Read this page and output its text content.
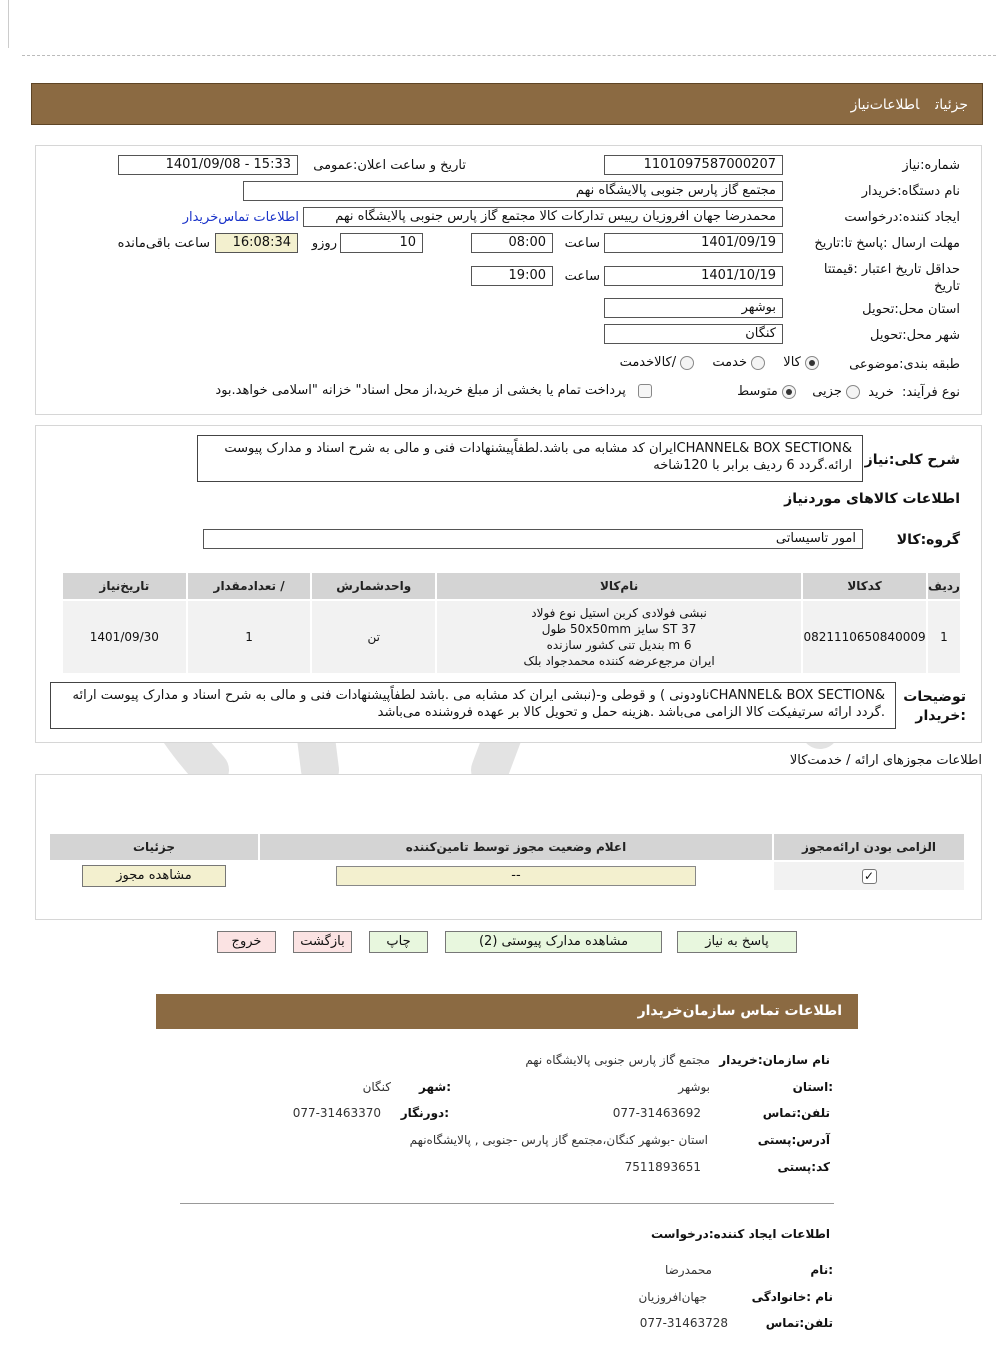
جزئیاتاطلاعات‌نیاز
شماره:نیاز
1101097587000207
تاریخ و ساعت اعلان:عمومی
1401/09/08 - 15:33
نام دستگاه:خریدار
مجتمع گاز پارس جنوبی پالایشگاه نهم
ایجاد کننده:درخواست
محمدرضا جهان افروزیان رییس تدارکات کالا مجتمع گاز پارس جنوبی پالایشگاه نهم
اطلاعات تماس‌خریدار
مهلت ارسال :پاسخ تا:تاریخ
1401/09/19
ساعت
08:00
10
روزو
16:08:34
ساعت باقی‌مانده
حداقل تاریخ اعتبار :قیمتتا تاریخ
1401/10/19
ساعت
19:00
استان محل:تحویل
بوشهر
شهر محل:تحویل
کنگان
طبقه بندی:موضوعی
کالا  خدمت  /کالاخدمت
نوع فرآیند: خرید
جزیی  متوسط
پرداخت تمام یا بخشی از مبلغ خرید،از محل اسناد" خزانه "اسلامی خواهد.بود
شرح کلی:نیاز
&CHANNEL& BOX SECTIONایران کد مشابه می باشد.لطفاًپیشنهادات فنی و مالی به شرح اسناد و مدارک پیوست ارائه.گردد 6 ردیف برابر با 120شاخه
اطلاعات کالاهای موردنیاز
گروه:کالا
امور تاسیساتی
ردیف	کدکالا	نام‌کالا	واحدشمارش	/ تعدادمقدار	تاریخ‌نیاز
1	0821110650840009	نبشی فولادی کربن استیل نوع فولاد
ST 37 سایز 50x50mm طول
6 m بندیل تنی کشور سازنده
ایران مرجع‌عرضه کننده محمدجواد بلک	تن	1	1401/09/30
توضیحات :خریدار
&CHANNEL& BOX SECTIONناودونی ) و قوطی و-(نبشی ایران کد مشابه می .باشد لطفاًپیشنهادات فنی و مالی به شرح اسناد و مدارک پیوست ارائه .گردد ارائه سرتیفیکت کالا الزامی می‌باشد .هزینه حمل و تحویل کالا بر عهده فروشنده می‌باشد
اطلاعات مجوزهای ارائه / خدمت‌کالا
الزامی بودن ارائه‌مجوز	اعلام وضعیت مجوز توسط تامین‌کننده	جزئیات
✓	--	مشاهده مجوز
پاسخ به نیاز
مشاهده مدارک پیوستی (2)
چاپ
بازگشت
خروج
اطلاعات تماس سازمان‌خریدار
نام سازمان:خریدار
مجتمع گاز پارس جنوبی پالایشگاه نهم
:استان
بوشهر
:شهر
کنگان
تلفن:تماس
077-31463692
:دورنگار
077-31463370
آدرس:پستی
استان -بوشهر کنگان،مجتمع گاز پارس -جنوبی , پالایشگاه‌نهم
کد:پستی
7511893651
اطلاعات ایجاد کننده:درخواست
:نام
محمدرضا
نام :خانوادگی
جهان‌افروزیان
تلفن:تماس
077-31463728
